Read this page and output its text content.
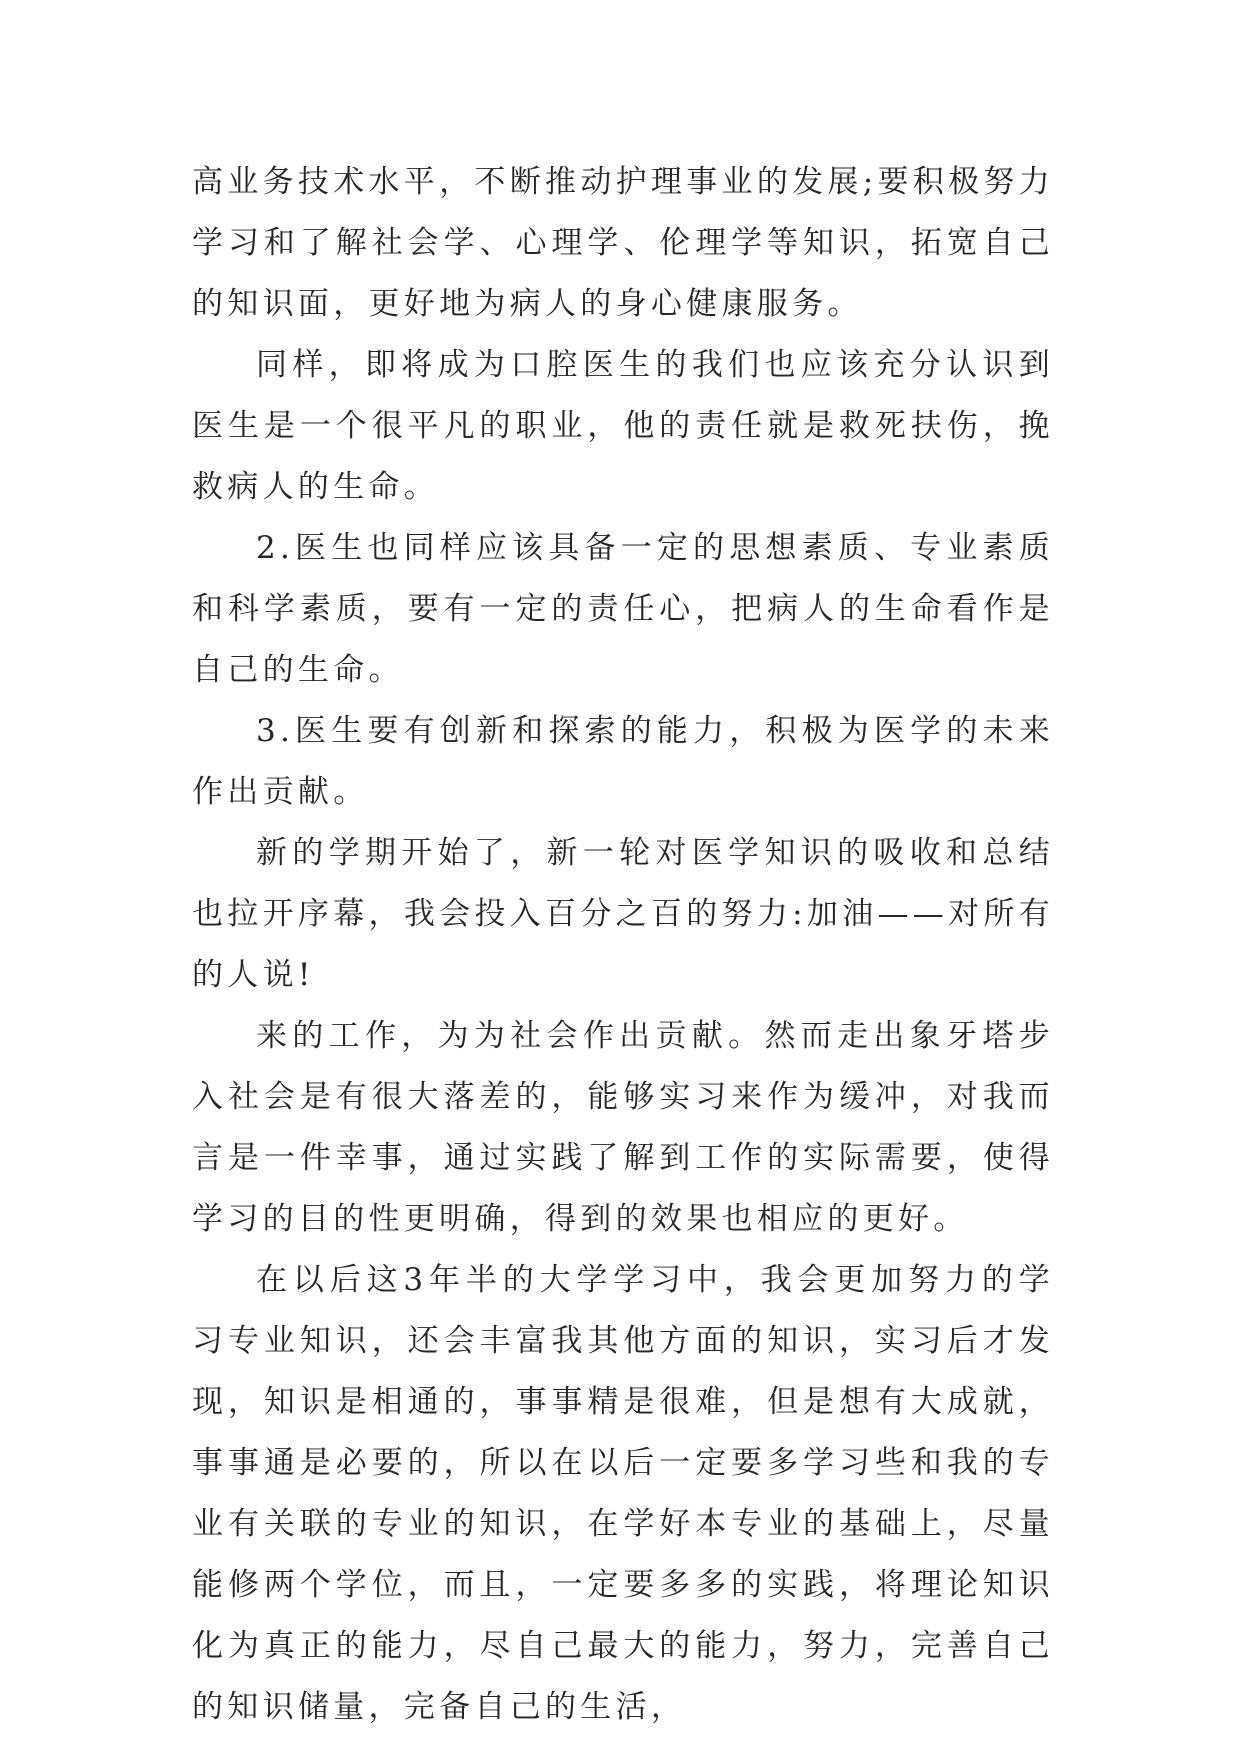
高业务技术水平，不断推动护理事业的发展;要积极努力学习和了解社会学、心理学、伦理学等知识，拓宽自己的知识面，更好地为病人的身心健康服务。

同样，即将成为口腔医生的我们也应该充分认识到医生是一个很平凡的职业，他的责任就是救死扶伤，挽救病人的生命。

2.医生也同样应该具备一定的思想素质、专业素质和科学素质，要有一定的责任心，把病人的生命看作是自己的生命。

3.医生要有创新和探索的能力，积极为医学的未来作出贡献。

新的学期开始了，新一轮对医学知识的吸收和总结也拉开序幕，我会投入百分之百的努力:加油——对所有的人说!

来的工作，为为社会作出贡献。然而走出象牙塔步入社会是有很大落差的，能够实习来作为缓冲，对我而言是一件幸事，通过实践了解到工作的实际需要，使得学习的目的性更明确，得到的效果也相应的更好。

在以后这3年半的大学学习中，我会更加努力的学习专业知识，还会丰富我其他方面的知识，实习后才发现，知识是相通的，事事精是很难，但是想有大成就，事事通是必要的，所以在以后一定要多学习些和我的专业有关联的专业的知识，在学好本专业的基础上，尽量能修两个学位，而且，一定要多多的实践，将理论知识化为真正的能力，尽自己最大的能力，努力，完善自己的知识储量，完备自己的生活，
